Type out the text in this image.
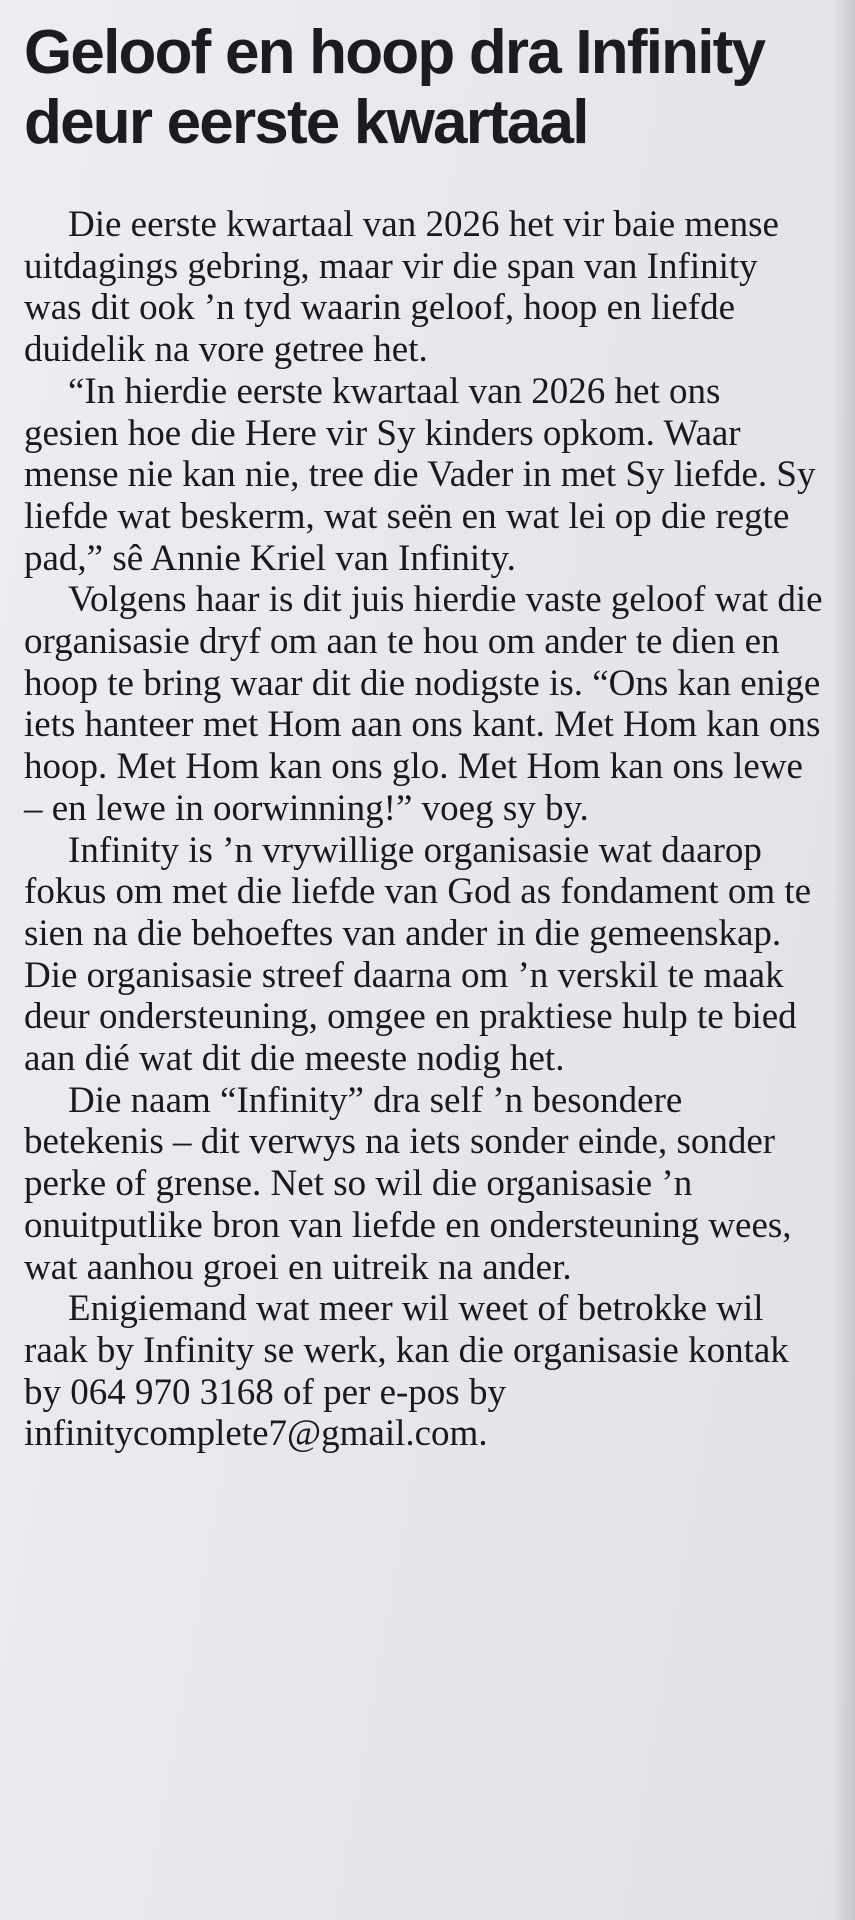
Geloof en hoop dra Infinity deur eerste kwartaal

Die eerste kwartaal van 2026 het vir baie mense uitdagings gebring, maar vir die span van Infinity was dit ook ’n tyd waarin geloof, hoop en liefde duidelik na vore getree het.

“In hierdie eerste kwartaal van 2026 het ons gesien hoe die Here vir Sy kinders opkom. Waar mense nie kan nie, tree die Vader in met Sy liefde. Sy liefde wat beskerm, wat seën en wat lei op die regte pad,” sê Annie Kriel van Infinity.

Volgens haar is dit juis hierdie vaste geloof wat die organisasie dryf om aan te hou om ander te dien en hoop te bring waar dit die nodigste is. “Ons kan enige iets hanteer met Hom aan ons kant. Met Hom kan ons hoop. Met Hom kan ons glo. Met Hom kan ons lewe – en lewe in oorwinning!” voeg sy by.

Infinity is ’n vrywillige organisasie wat daarop fokus om met die liefde van God as fondament om te sien na die behoeftes van ander in die gemeenskap. Die organisasie streef daarna om ’n verskil te maak deur ondersteuning, omgee en praktiese hulp te bied aan dié wat dit die meeste nodig het.

Die naam “Infinity” dra self ’n besondere betekenis – dit verwys na iets sonder einde, sonder perke of grense. Net so wil die organisasie ’n onuitputlike bron van liefde en ondersteuning wees, wat aanhou groei en uitreik na ander.

Enigiemand wat meer wil weet of betrokke wil raak by Infinity se werk, kan die organisasie kontak by 064 970 3168 of per e-pos by infinitycomplete7@gmail.com.
